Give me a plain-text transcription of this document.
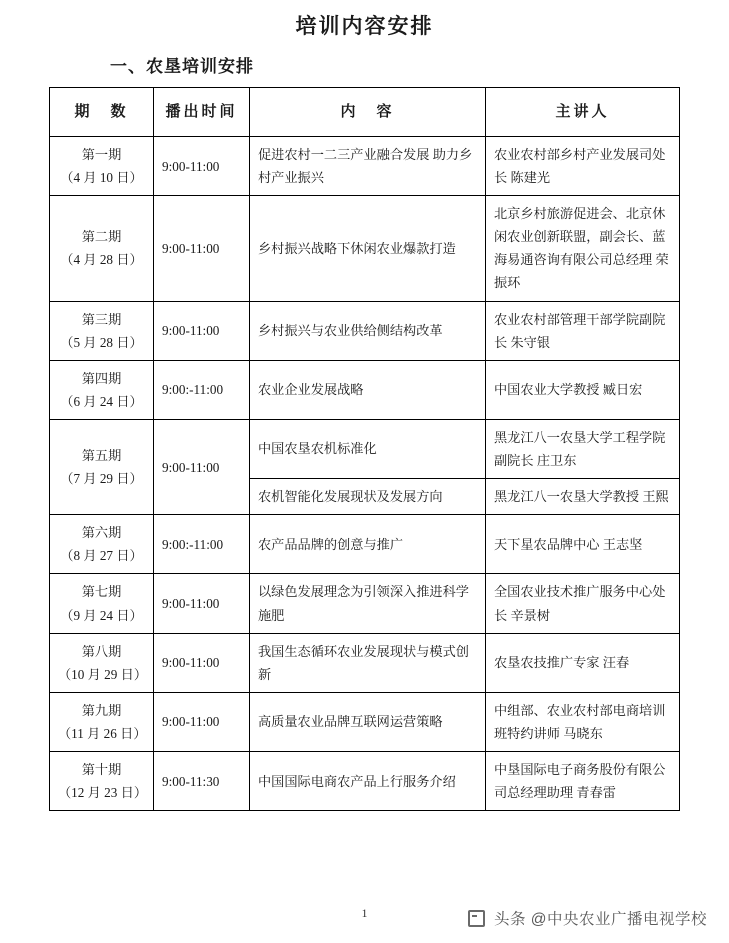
培训内容安排
一、农垦培训安排
期　数	播出时间	内　容	主讲人

第一期
（4 月 10 日）	9:00-11:00	促进农村一二三产业融合发展 助力乡村产业振兴	农业农村部乡村产业发展司处长 陈建光

第二期
（4 月 28 日）	9:00-11:00	乡村振兴战略下休闲农业爆款打造	北京乡村旅游促进会、北京休闲农业创新联盟，副会长、蓝海易通咨询有限公司总经理 荣振环

第三期
（5 月 28 日）	9:00-11:00	乡村振兴与农业供给侧结构改革	农业农村部管理干部学院副院长 朱守银

第四期
（6 月 24 日）	9:00:-11:00	农业企业发展战略	中国农业大学教授 臧日宏

第五期
（7 月 29 日）	9:00-11:00	中国农垦农机标准化	黑龙江八一农垦大学工程学院副院长 庄卫东
		农机智能化发展现状及发展方向	黑龙江八一农垦大学教授 王熙

第六期
（8 月 27 日）	9:00:-11:00	农产品品牌的创意与推广	天下星农品牌中心 王志坚

第七期
（9 月 24 日）	9:00-11:00	以绿色发展理念为引领深入推进科学施肥	全国农业技术推广服务中心处长 辛景树

第八期
（10 月 29 日）	9:00-11:00	我国生态循环农业发展现状与模式创新	农垦农技推广专家 汪春

第九期
（11 月 26 日）	9:00-11:00	高质量农业品牌互联网运营策略	中组部、农业农村部电商培训班特约讲师 马晓东

第十期
（12 月 23 日）	9:00-11:30	中国国际电商农产品上行服务介绍	中垦国际电子商务股份有限公司总经理助理 青春雷
1	头条 @中央农业广播电视学校
